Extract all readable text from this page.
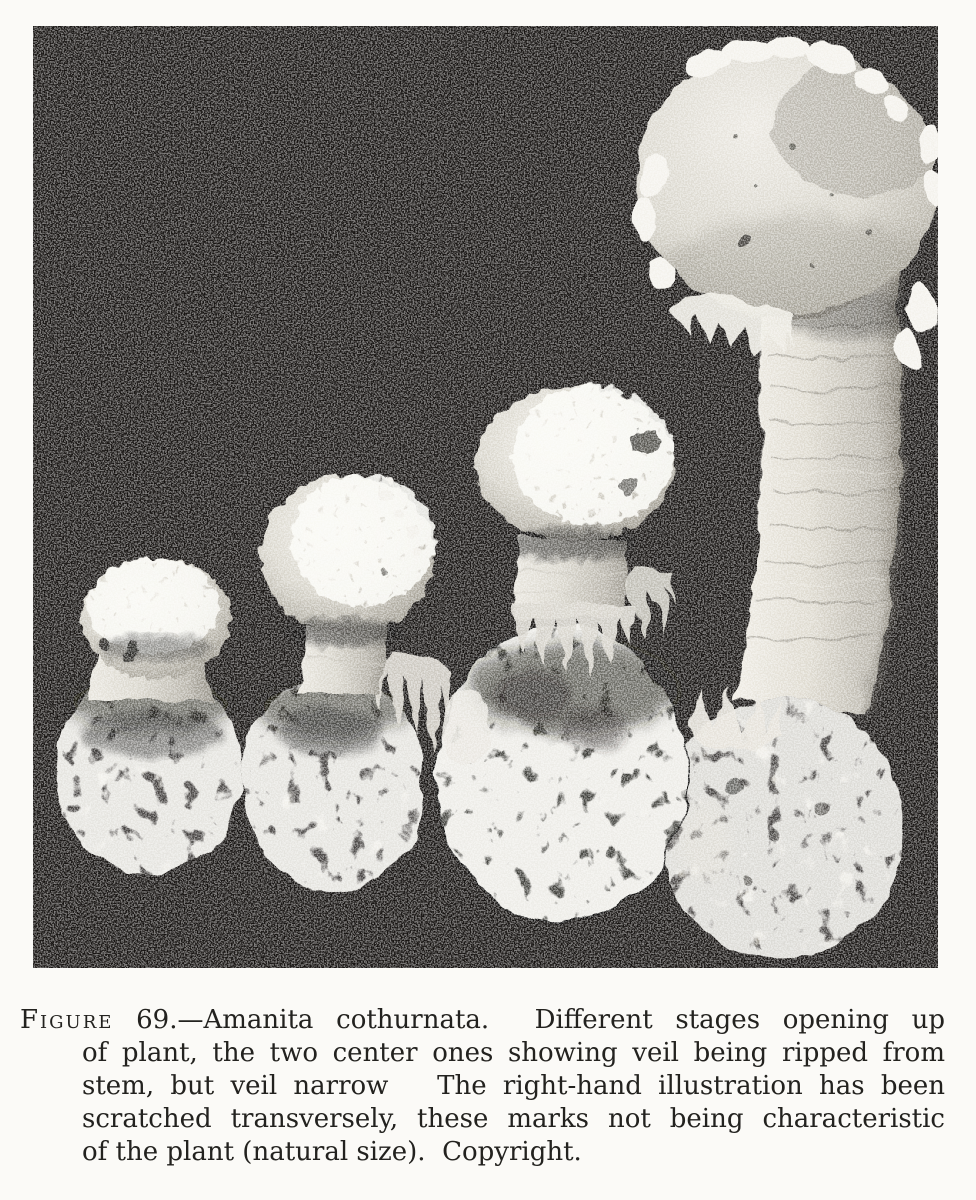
Figure 69.—Amanita cothurnata.  Different stages opening up

of plant, the two center ones showing veil being ripped from

stem, but veil narrow   The right-hand illustration has been

scratched transversely, these marks not being characteristic

of the plant (natural size).  Copyright.
